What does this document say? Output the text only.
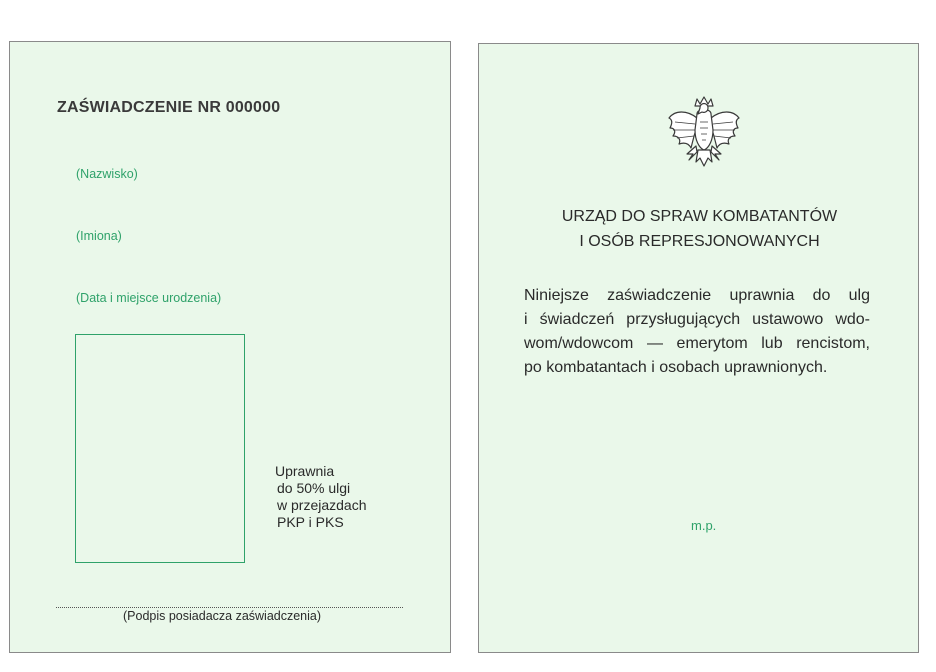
ZAŚWIADCZENIE NR 000000
(Nazwisko)
(Imiona)
(Data i miejsce urodzenia)
Uprawnia
do 50% ulgi
w przejazdach
PKP i PKS
(Podpis posiadacza zaświadczenia)
URZĄD DO SPRAW KOMBATANTÓW
I OSÓB REPRESJONOWANYCH
Niniejsze zaświadczenie uprawnia do ulg
i świadczeń przysługujących ustawowo wdo-
wom/wdowcom — emerytom lub rencistom,
po kombatantach i osobach uprawnionych.
m.p.
